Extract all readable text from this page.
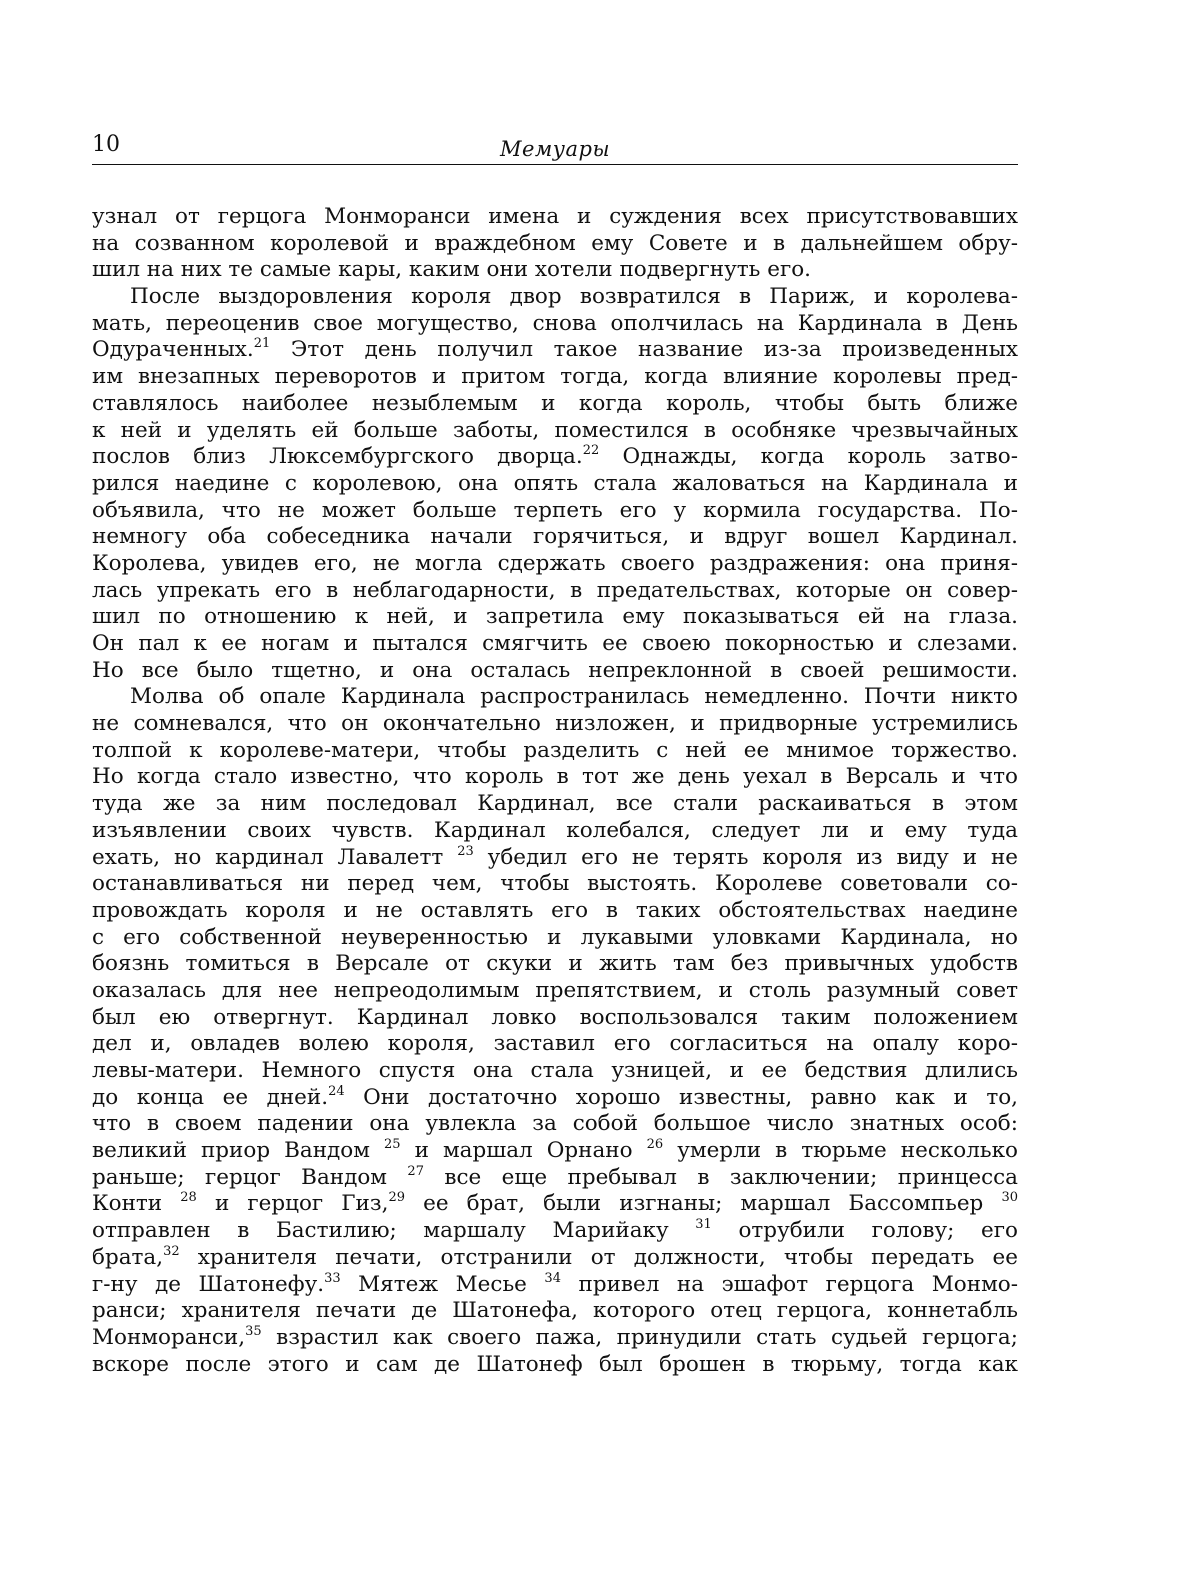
10	Мемуары
узнал от герцога Монморанси имена и суждения всех присутствовавших
на созванном королевой и враждебном ему Совете и в дальнейшем обру-
шил на них те самые кары, каким они хотели подвергнуть его.
После выздоровления короля двор возвратился в Париж, и королева-
мать, переоценив свое могущество, снова ополчилась на Кардинала в День
Одураченных.$^{21}$ Этот день получил такое название из-за произведенных
им внезапных переворотов и притом тогда, когда влияние королевы пред-
ставлялось наиболее незыблемым и когда король, чтобы быть ближе
к ней и уделять ей больше заботы, поместился в особняке чрезвычайных
послов близ Люксембургского дворца.$^{22}$ Однажды, когда король затво-
рился наедине с королевою, она опять стала жаловаться на Кардинала и
объявила, что не может больше терпеть его у кормила государства. По-
немногу оба собеседника начали горячиться, и вдруг вошел Кардинал.
Королева, увидев его, не могла сдержать своего раздражения: она приня-
лась упрекать его в неблагодарности, в предательствах, которые он совер-
шил по отношению к ней, и запретила ему показываться ей на глаза.
Он пал к ее ногам и пытался смягчить ее своею покорностью и слезами.
Но все было тщетно, и она осталась непреклонной в своей решимости.
Молва об опале Кардинала распространилась немедленно. Почти никто
не сомневался, что он окончательно низложен, и придворные устремились
толпой к королеве-матери, чтобы разделить с ней ее мнимое торжество.
Но когда стало известно, что король в тот же день уехал в Версаль и что
туда же за ним последовал Кардинал, все стали раскаиваться в этом
изъявлении своих чувств. Кардинал колебался, следует ли и ему туда
ехать, но кардинал Лавалетт $^{23}$ убедил его не терять короля из виду и не
останавливаться ни перед чем, чтобы выстоять. Королеве советовали со-
провождать короля и не оставлять его в таких обстоятельствах наедине
с его собственной неуверенностью и лукавыми уловками Кардинала, но
боязнь томиться в Версале от скуки и жить там без привычных удобств
оказалась для нее непреодолимым препятствием, и столь разумный совет
был ею отвергнут. Кардинал ловко воспользовался таким положением
дел и, овладев волею короля, заставил его согласиться на опалу коро-
левы-матери. Немного спустя она стала узницей, и ее бедствия длились
до конца ее дней.$^{24}$ Они достаточно хорошо известны, равно как и то,
что в своем падении она увлекла за собой большое число знатных особ:
великий приор Вандом $^{25}$ и маршал Орнано $^{26}$ умерли в тюрьме несколько
раньше; герцог Вандом $^{27}$ все еще пребывал в заключении; принцесса
Конти $^{28}$ и герцог Гиз,$^{29}$ ее брат, были изгнаны; маршал Бассомпьер $^{30}$
отправлен в Бастилию; маршалу Марийаку $^{31}$ отрубили голову; его
брата,$^{32}$ хранителя печати, отстранили от должности, чтобы передать ее
г-ну де Шатонефу.$^{33}$ Мятеж Месье $^{34}$ привел на эшафот герцога Монмо-
ранси; хранителя печати де Шатонефа, которого отец герцога, коннетабль
Монморанси,$^{35}$ взрастил как своего пажа, принудили стать судьей герцога;
вскоре после этого и сам де Шатонеф был брошен в тюрьму, тогда как
